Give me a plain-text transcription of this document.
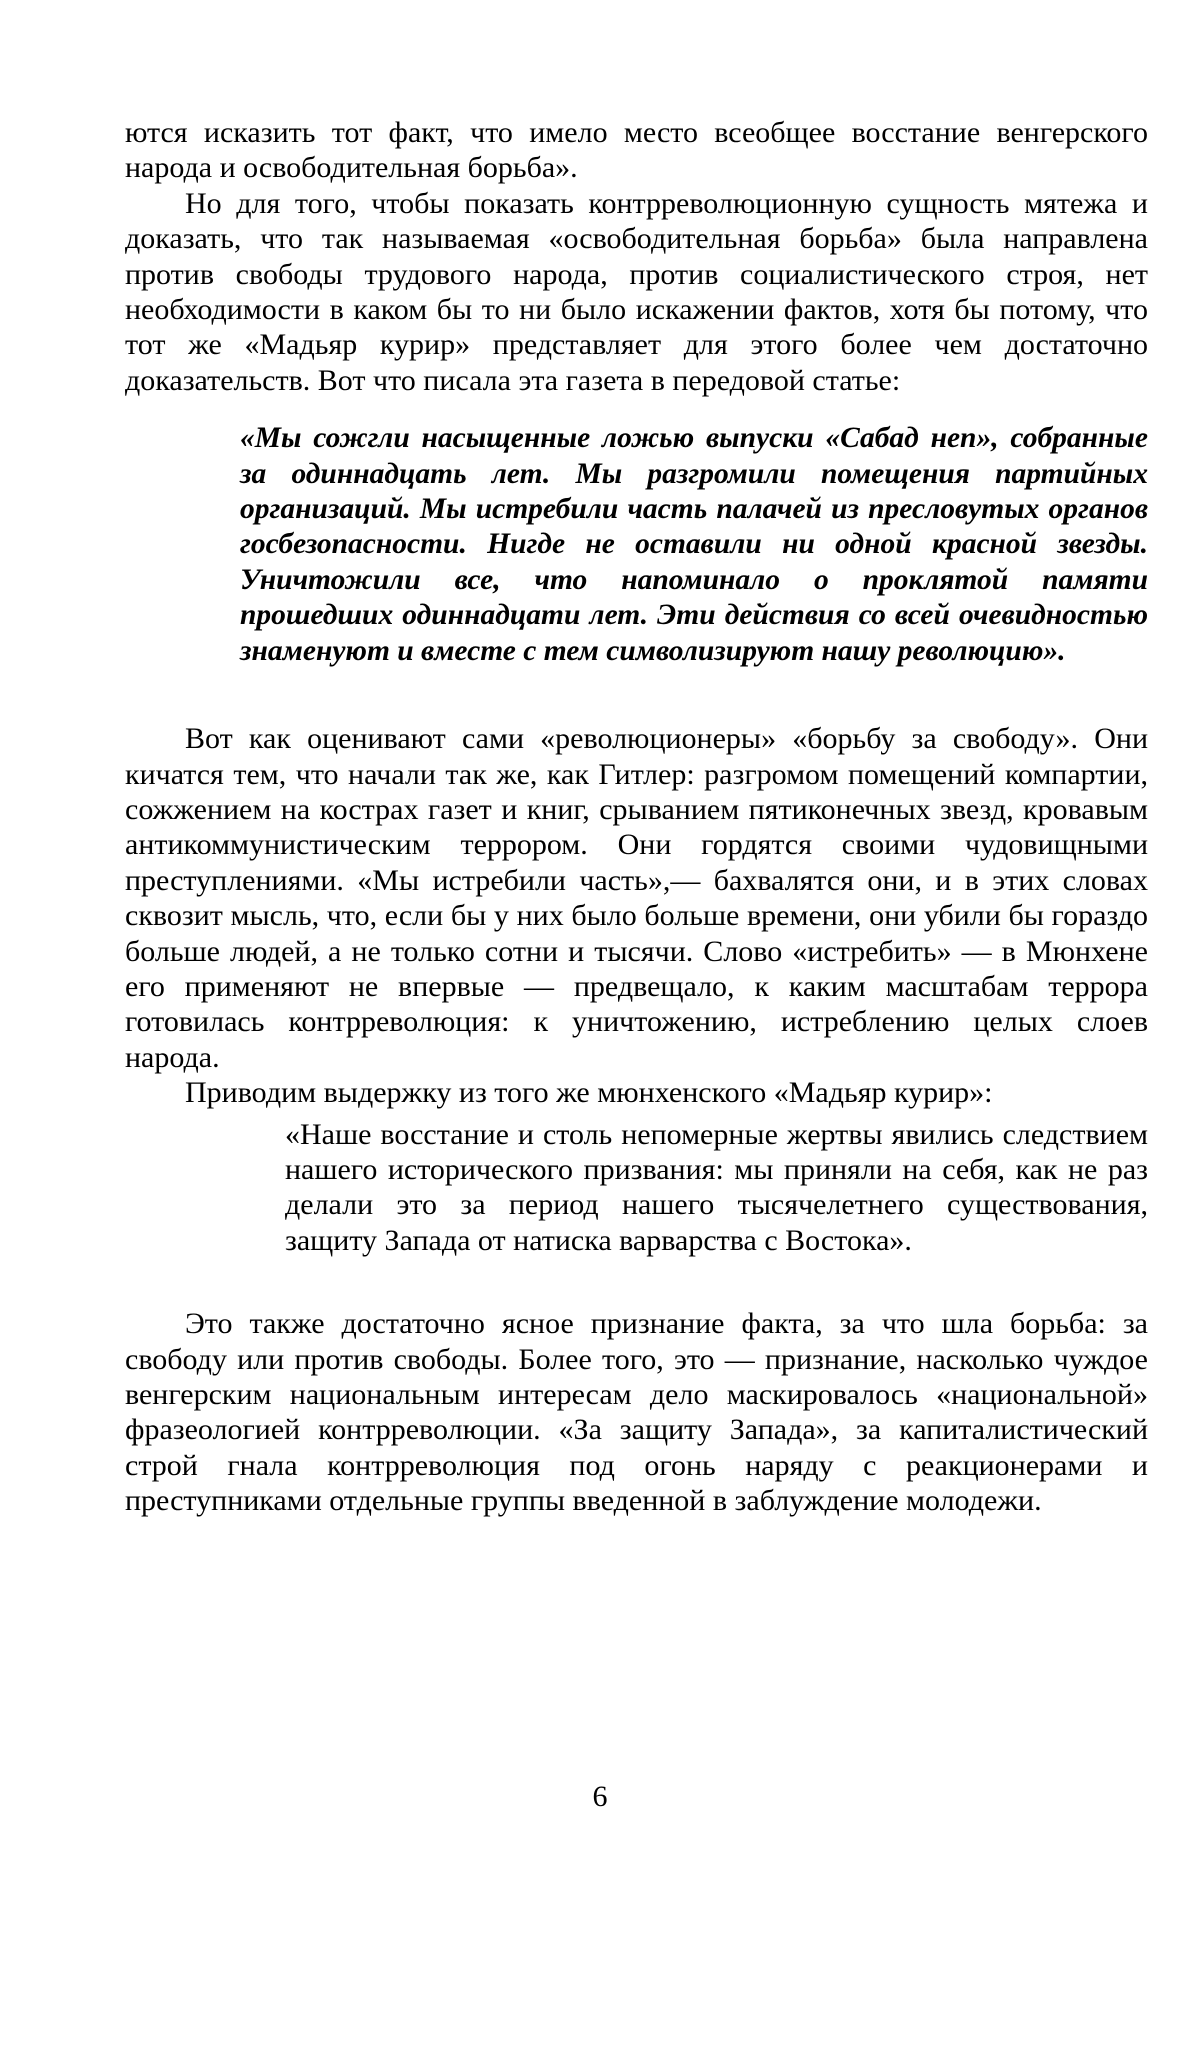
ются исказить тот факт, что имело место всеобщее восстание венгерского народа и освободительная борьба».

Но для того, чтобы показать контрреволюционную сущность мятежа и доказать, что так называемая «освободительная борьба» была направлена против свободы трудового народа, против социалистического строя, нет необходимости в каком бы то ни было искажении фактов, хотя бы потому, что тот же «Мадьяр курир» представляет для этого более чем достаточно доказательств. Вот что писала эта газета в передовой статье:

«Мы сожгли насыщенные ложью выпуски «Сабад неп», собранные за одиннадцать лет. Мы разгромили помещения партийных организаций. Мы истребили часть палачей из пресловутых органов госбезопасности. Нигде не оставили ни одной красной звезды. Уничтожили все, что напоминало о проклятой памяти прошедших одиннадцати лет. Эти действия со всей очевидностью знаменуют и вместе с тем символизируют нашу революцию».

Вот как оценивают сами «революционеры» «борьбу за свободу». Они кичатся тем, что начали так же, как Гитлер: разгромом помещений компартии, сожжением на кострах газет и книг, срыванием пятиконечных звезд, кровавым антикоммунистическим террором. Они гордятся своими чудовищными преступлениями. «Мы истребили часть»,— бахвалятся они, и в этих словах сквозит мысль, что, если бы у них было больше времени, они убили бы гораздо больше людей, а не только сотни и тысячи. Слово «истребить» — в Мюнхене его применяют не впервые — предвещало, к каким масштабам террора готовилась контрреволюция: к уничтожению, истреблению целых слоев народа.

Приводим выдержку из того же мюнхенского «Мадьяр курир»:

«Наше восстание и столь непомерные жертвы явились следствием нашего исторического призвания: мы приняли на себя, как не раз делали это за период нашего тысячелетнего существования, защиту Запада от натиска варварства с Востока».

Это также достаточно ясное признание факта, за что шла борьба: за свободу или против свободы. Более того, это — признание, насколько чуждое венгерским национальным интересам дело маскировалось «национальной» фразеологией контрреволюции. «За защиту Запада», за капиталистический строй гнала контрреволюция под огонь наряду с реакционерами и преступниками отдельные группы введенной в заблуждение молодежи.

6
